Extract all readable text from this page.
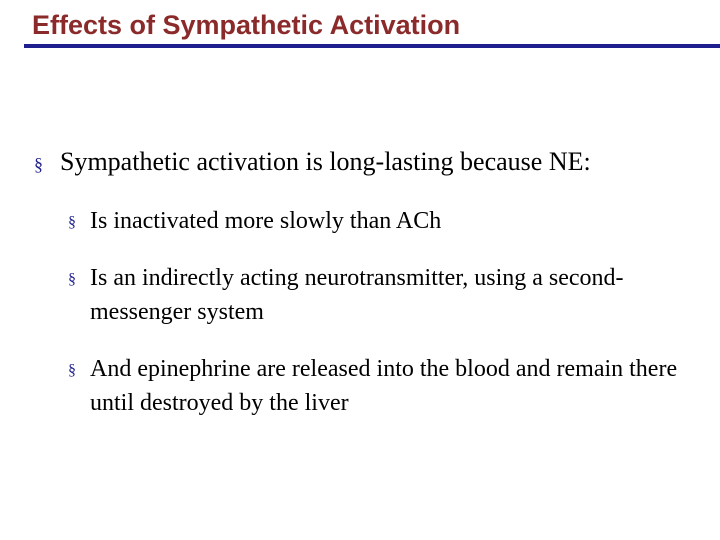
Effects of Sympathetic Activation
§ Sympathetic activation is long-lasting because NE:
§ Is inactivated more slowly than ACh
§ Is an indirectly acting neurotransmitter, using a second-messenger system
§ And epinephrine are released into the blood and remain there until destroyed by the liver
